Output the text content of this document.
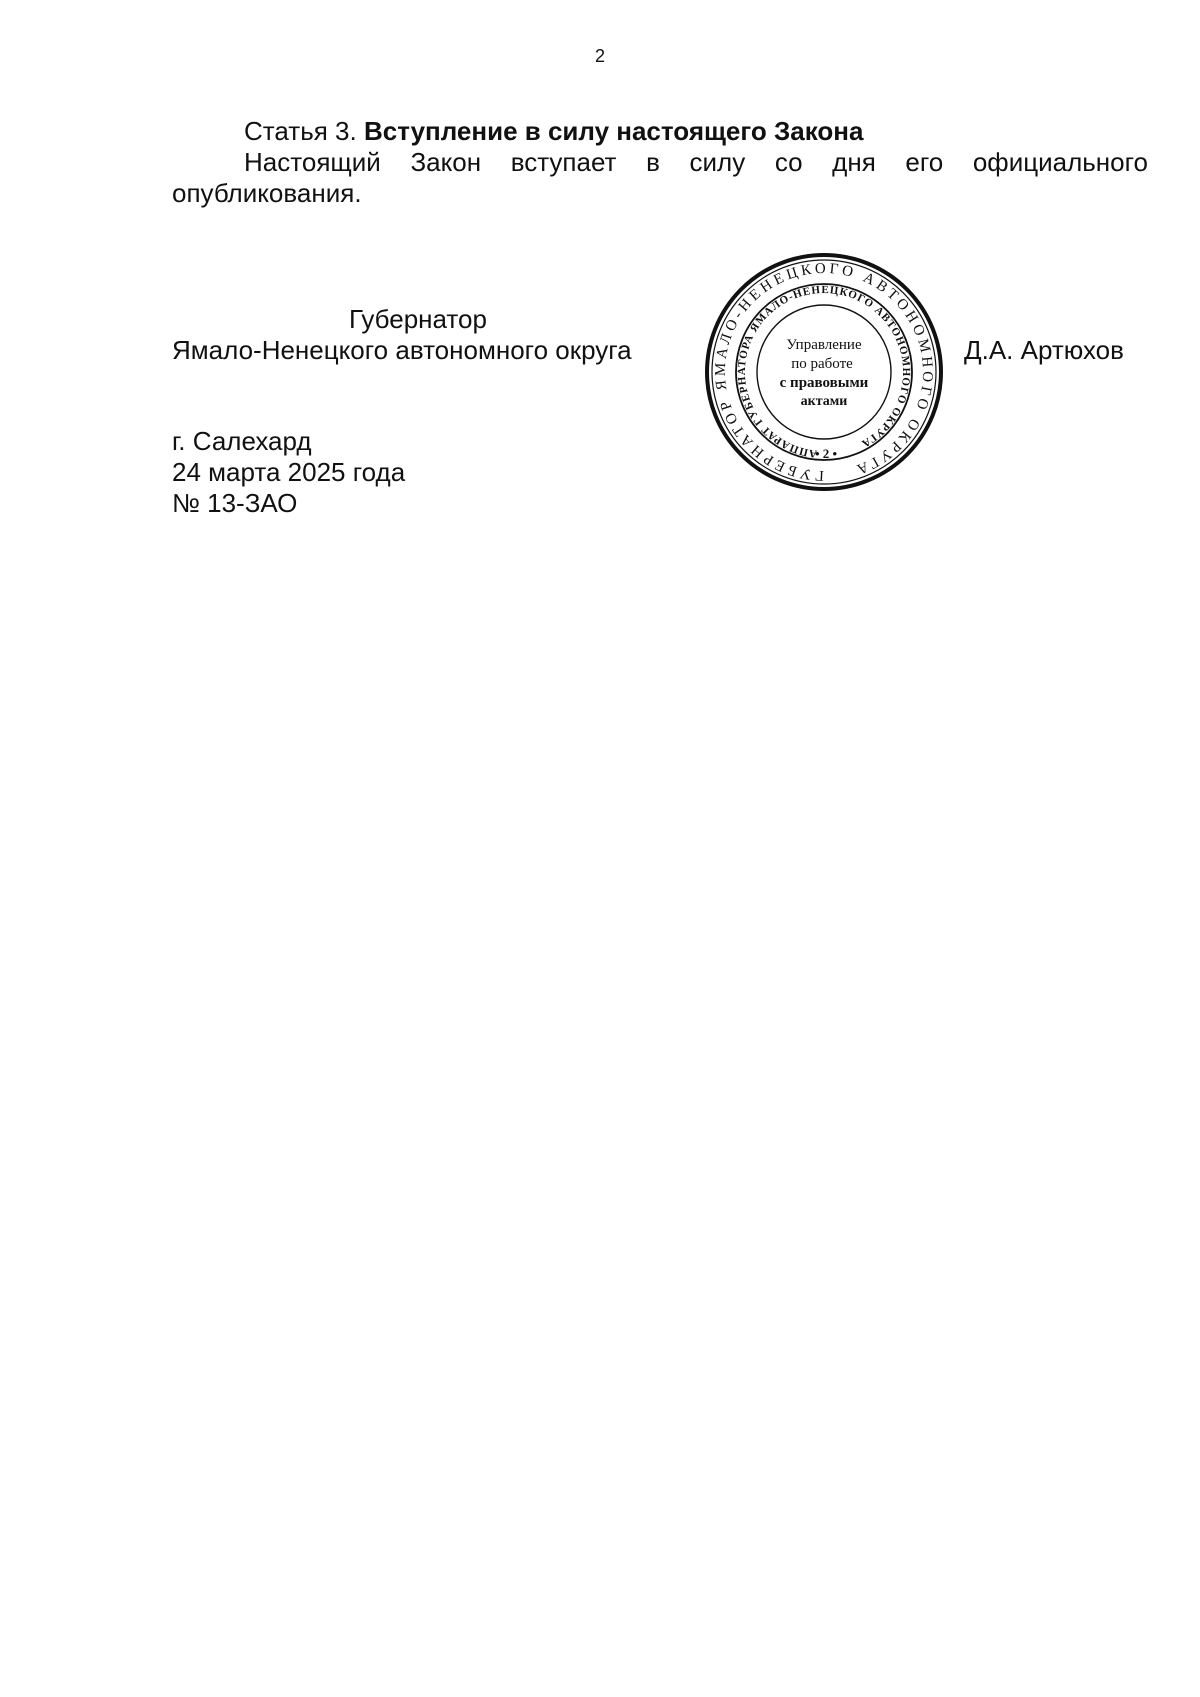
2

Статья 3. Вступление в силу настоящего Закона

Настоящий Закон вступает в силу со дня его официального опубликования.

Губернатор
Ямало-Ненецкого автономного округа
ГУБЕРНАТОР ЯМАЛО-НЕНЕЦКОГО АВТОНОМНОГО ОКРУГА
АППАРАТ ГУБЕРНАТОРА ЯМАЛО-НЕНЕЦКОГО АВТОНОМНОГО ОКРУГА
Управление
по работе
с правовыми
актами
• 2 •
Д.А. Артюхов
г. Салехард
24 марта 2025 года
№ 13-ЗАО
